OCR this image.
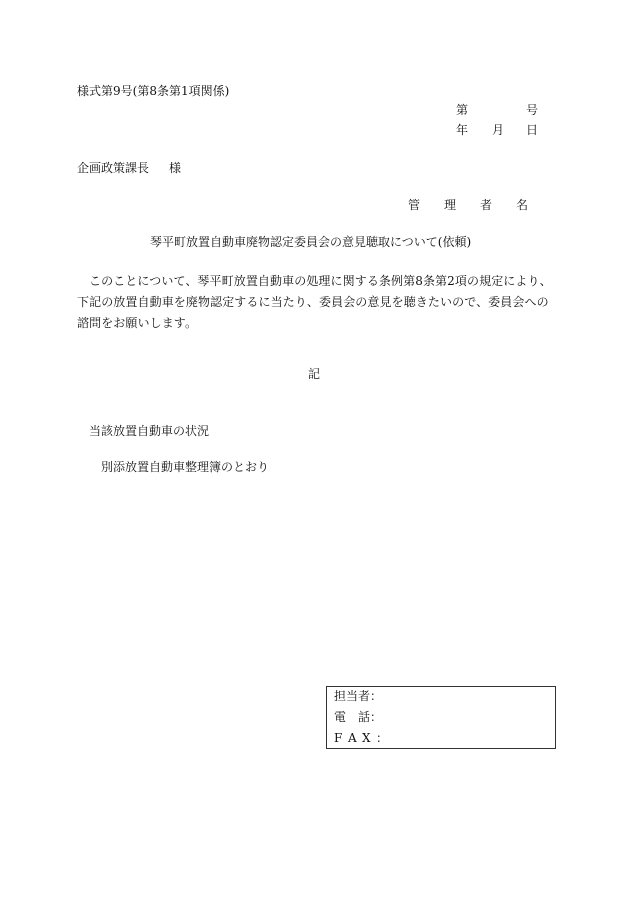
様式第9号(第8条第1項関係)
第	号
年 月 日
企画政策課長 様
管 理 者 名
琴平町放置自動車廃物認定委員会の意見聴取について(依頼)
このことについて、琴平町放置自動車の処理に関する条例第8条第2項の規定により、下記の放置自動車を廃物認定するに当たり、委員会の意見を聴きたいので、委員会への諮問をお願いします。
記
当該放置自動車の状況
別添放置自動車整理簿のとおり
担当者：
電　話：
F A X ：
